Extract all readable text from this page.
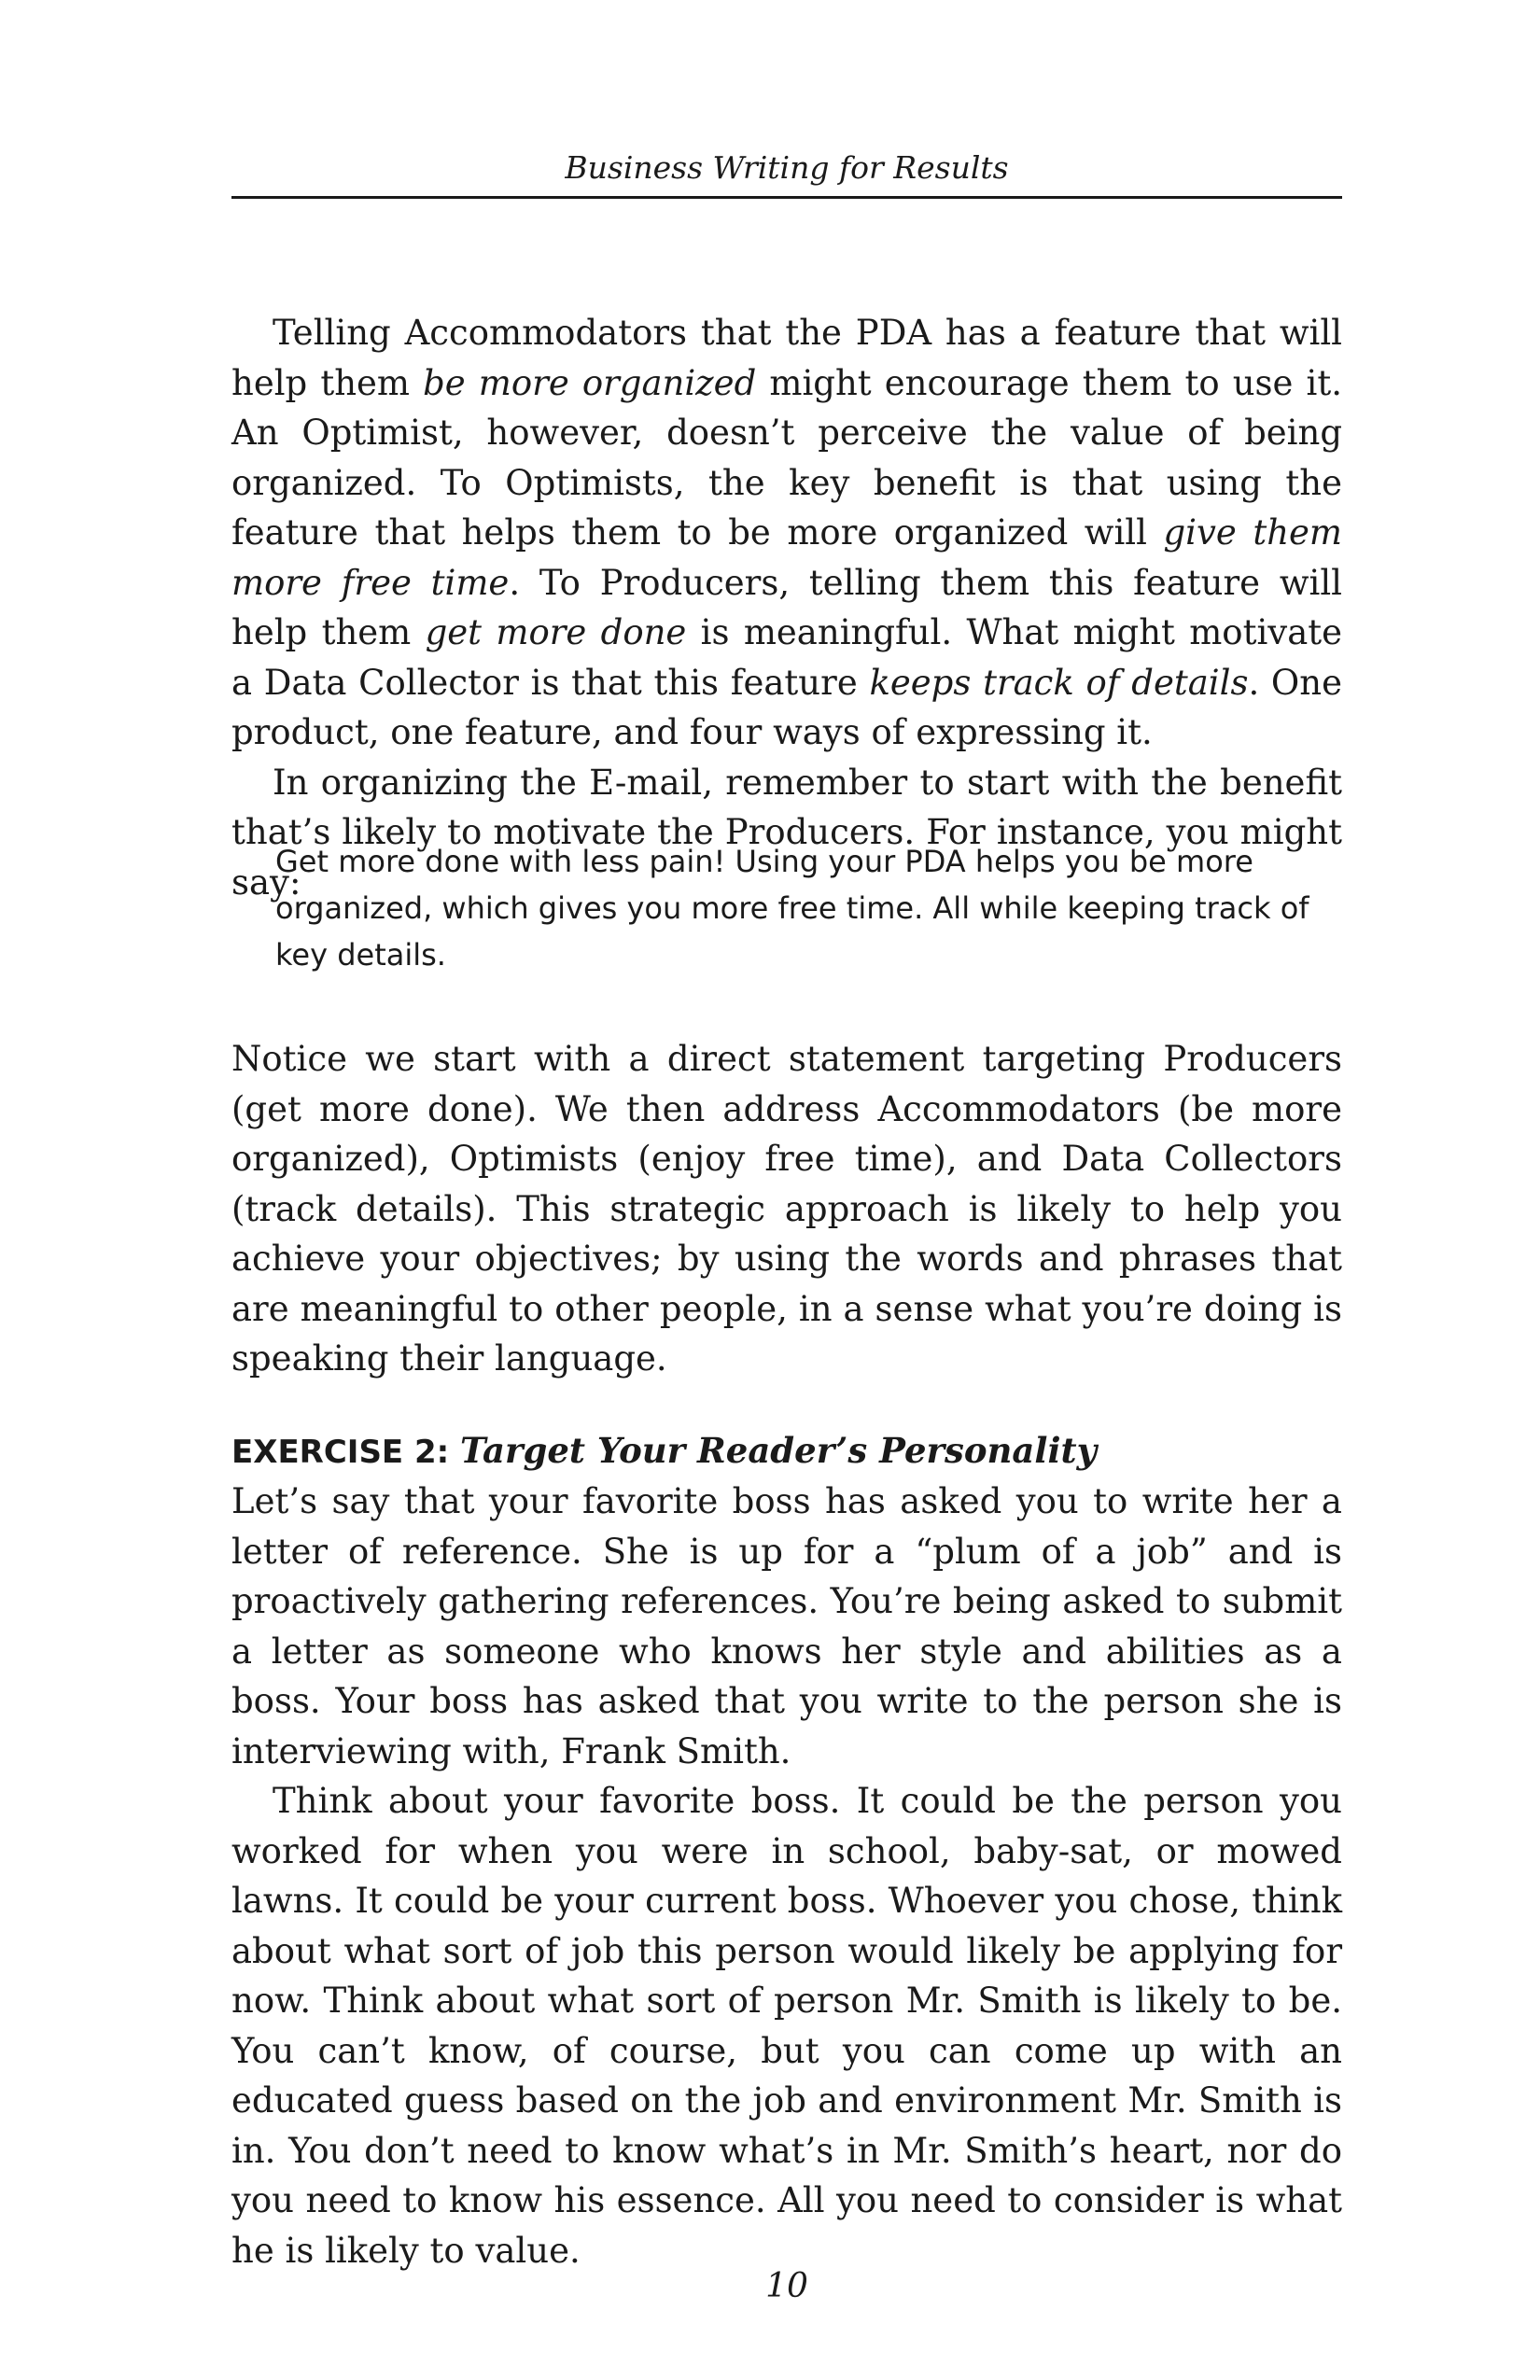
Business Writing for Results

Telling Accommodators that the PDA has a feature that will help them be more organized might encourage them to use it. An Optimist, however, doesn’t perceive the value of being organized. To Optimists, the key benefit is that using the feature that helps them to be more organized will give them more free time. To Producers, telling them this feature will help them get more done is meaningful. What might motivate a Data Collector is that this feature keeps track of details. One product, one feature, and four ways of expressing it.

In organizing the E-mail, remember to start with the benefit that’s likely to motivate the Producers. For instance, you might say:

Get more done with less pain! Using your PDA helps you be more organized, which gives you more free time. All while keeping track of key details.

Notice we start with a direct statement targeting Producers (get more done). We then address Accommodators (be more organized), Optimists (enjoy free time), and Data Collectors (track details). This strategic approach is likely to help you achieve your objectives; by using the words and phrases that are meaningful to other people, in a sense what you’re doing is speaking their language.

EXERCISE 2: Target Your Reader’s Personality

Let’s say that your favorite boss has asked you to write her a letter of reference. She is up for a “plum of a job” and is proactively gathering references. You’re being asked to submit a letter as someone who knows her style and abilities as a boss. Your boss has asked that you write to the person she is interviewing with, Frank Smith.

Think about your favorite boss. It could be the person you worked for when you were in school, baby-sat, or mowed lawns. It could be your current boss. Whoever you chose, think about what sort of job this person would likely be applying for now. Think about what sort of person Mr. Smith is likely to be. You can’t know, of course, but you can come up with an educated guess based on the job and environment Mr. Smith is in. You don’t need to know what’s in Mr. Smith’s heart, nor do you need to know his essence. All you need to consider is what he is likely to value.

10
